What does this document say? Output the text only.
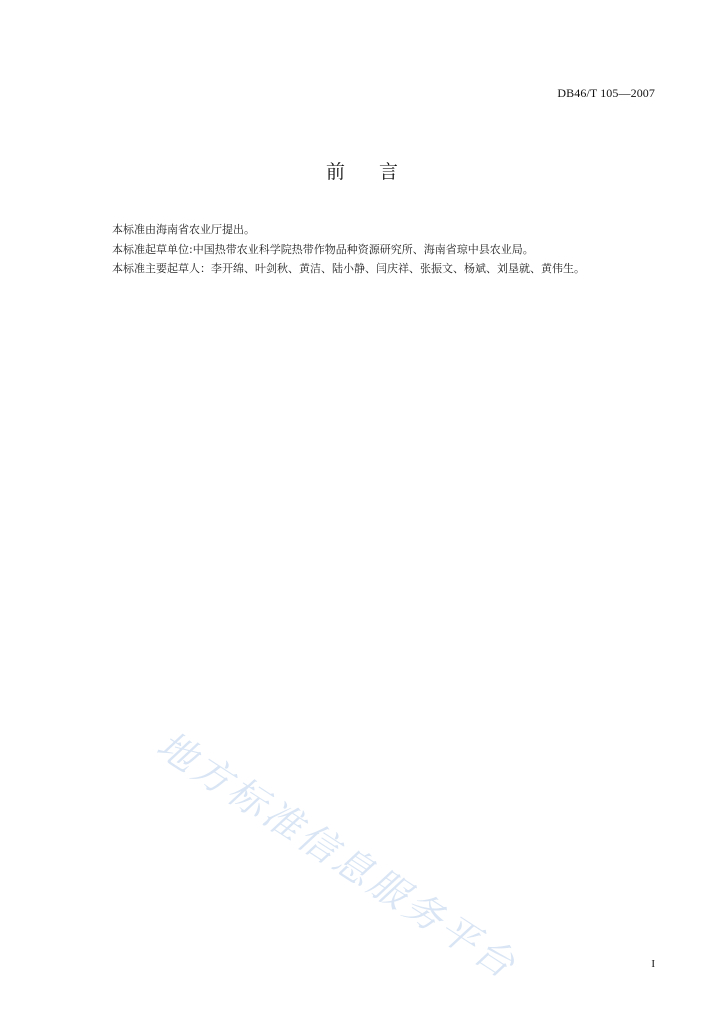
DB46/T 105—2007
前 言

本标准由海南省农业厅提出。

本标准起草单位:中国热带农业科学院热带作物品种资源研究所、海南省琼中县农业局。

本标准主要起草人：李开绵、叶剑秋、黄洁、陆小静、闫庆祥、张振文、杨斌、刘垦就、黄伟生。

地方标准信息服务平台	I
